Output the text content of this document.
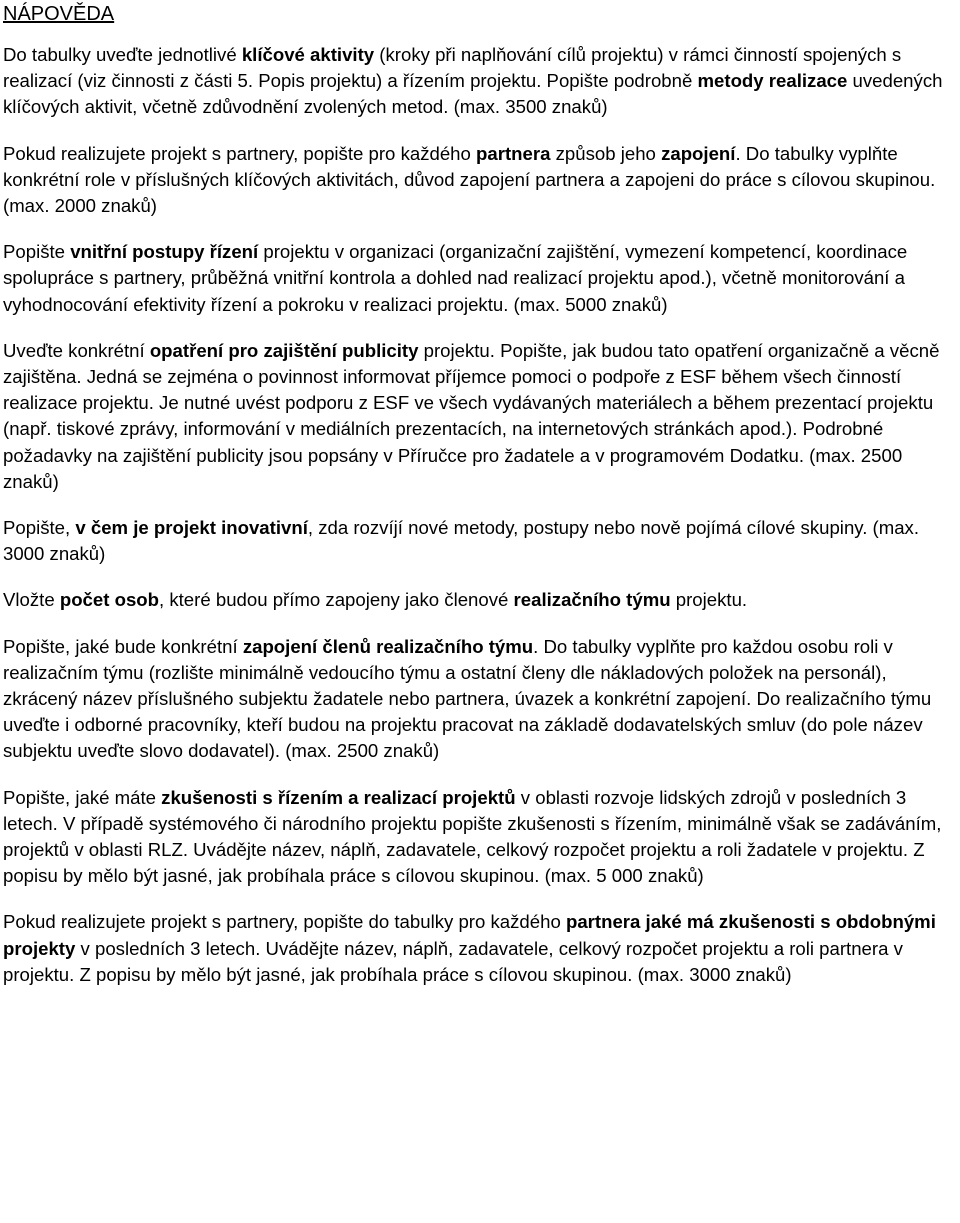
NÁPOVĚDA

Do tabulky uveďte jednotlivé klíčové aktivity (kroky při naplňování cílů projektu) v rámci činností spojených s realizací (viz činnosti z části 5. Popis projektu) a řízením projektu. Popište podrobně metody realizace uvedených klíčových aktivit, včetně zdůvodnění zvolených metod. (max. 3500 znaků)

Pokud realizujete projekt s partnery, popište pro každého partnera způsob jeho zapojení. Do tabulky vyplňte konkrétní role v příslušných klíčových aktivitách, důvod zapojení partnera a zapojeni do práce s cílovou skupinou. (max. 2000 znaků)

Popište vnitřní postupy řízení projektu v organizaci (organizační zajištění, vymezení kompetencí, koordinace spolupráce s partnery, průběžná vnitřní kontrola a dohled nad realizací projektu apod.), včetně monitorování a vyhodnocování efektivity řízení a pokroku v realizaci projektu. (max. 5000 znaků)

Uveďte konkrétní opatření pro zajištění publicity projektu. Popište, jak budou tato opatření organizačně a věcně zajištěna. Jedná se zejména o povinnost informovat příjemce pomoci o podpoře z ESF během všech činností realizace projektu. Je nutné uvést podporu z ESF ve všech vydávaných materiálech a během prezentací projektu (např. tiskové zprávy, informování v mediálních prezentacích, na internetových stránkách apod.). Podrobné požadavky na zajištění publicity jsou popsány v Příručce pro žadatele a v programovém Dodatku. (max. 2500 znaků)

Popište, v čem je projekt inovativní, zda rozvíjí nové metody, postupy nebo nově pojímá cílové skupiny. (max. 3000 znaků)

Vložte počet osob, které budou přímo zapojeny jako členové realizačního týmu projektu.

Popište, jaké bude konkrétní zapojení členů realizačního týmu. Do tabulky vyplňte pro každou osobu roli v realizačním týmu (rozlište minimálně vedoucího týmu a ostatní členy dle nákladových položek na personál), zkrácený název příslušného subjektu žadatele nebo partnera, úvazek a konkrétní zapojení. Do realizačního týmu uveďte i odborné pracovníky, kteří budou na projektu pracovat na základě dodavatelských smluv (do pole název subjektu uveďte slovo dodavatel). (max. 2500 znaků)

Popište, jaké máte zkušenosti s řízením a realizací projektů v oblasti rozvoje lidských zdrojů v posledních 3 letech. V případě systémového či národního projektu popište zkušenosti s řízením, minimálně však se zadáváním, projektů v oblasti RLZ. Uvádějte název, náplň, zadavatele, celkový rozpočet projektu a roli žadatele v projektu. Z popisu by mělo být jasné, jak probíhala práce s cílovou skupinou. (max. 5 000 znaků)

Pokud realizujete projekt s partnery, popište do tabulky pro každého partnera jaké má zkušenosti s obdobnými projekty v posledních 3 letech. Uvádějte název, náplň, zadavatele, celkový rozpočet projektu a roli partnera v projektu. Z popisu by mělo být jasné, jak probíhala práce s cílovou skupinou. (max. 3000 znaků)
